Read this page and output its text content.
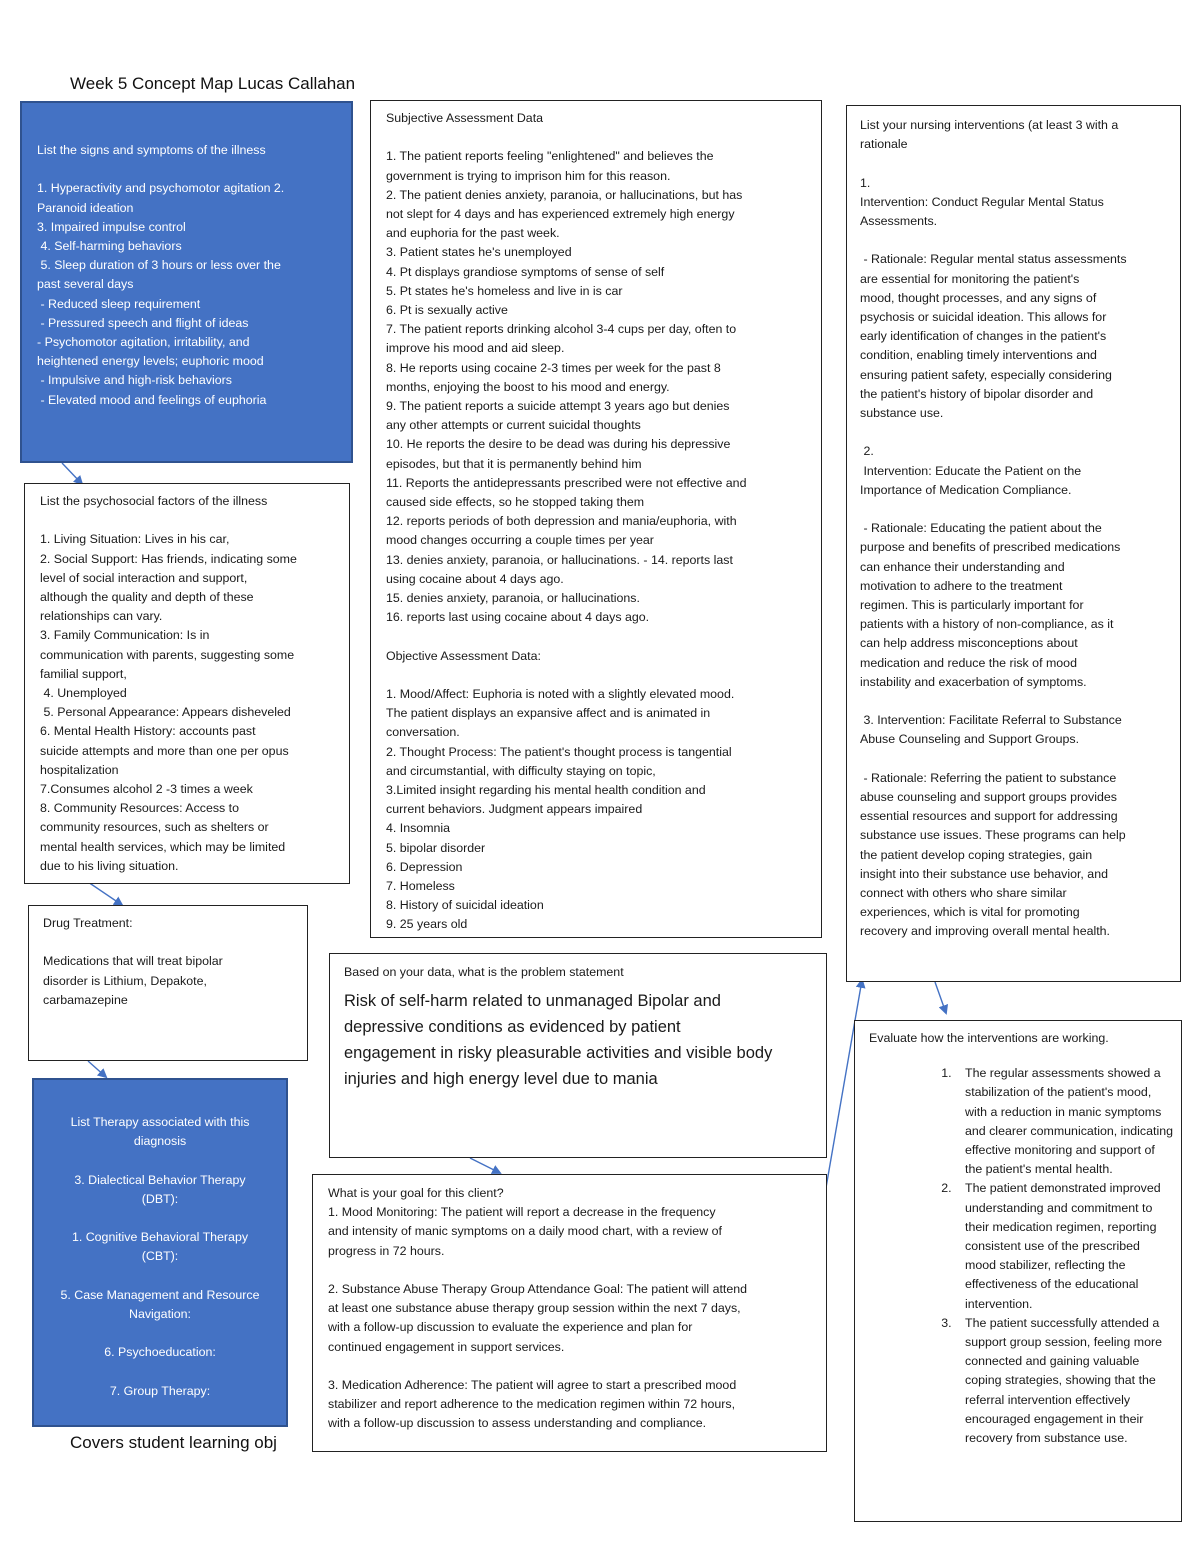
Week 5 Concept Map Lucas Callahan
List the signs and symptoms of the illness
1. Hyperactivity and psychomotor agitation 2.
Paranoid ideation
3. Impaired impulse control
4. Self-harming behaviors
5. Sleep duration of 3 hours or less over the
past several days
- Reduced sleep requirement
- Pressured speech and flight of ideas
- Psychomotor agitation, irritability, and
heightened energy levels; euphoric mood
- Impulsive and high-risk behaviors
- Elevated mood and feelings of euphoria
List the psychosocial factors of the illness
1. Living Situation: Lives in his car,
2. Social Support: Has friends, indicating some
level of social interaction and support,
although the quality and depth of these
relationships can vary.
3. Family Communication: Is in
communication with parents, suggesting some
familial support,
4. Unemployed
5. Personal Appearance: Appears disheveled
6. Mental Health History: accounts past
suicide attempts and more than one per opus
hospitalization
7.Consumes alcohol 2 -3 times a week
8. Community Resources: Access to
community resources, such as shelters or
mental health services, which may be limited
due to his living situation.
Drug Treatment:
Medications that will treat bipolar
disorder is Lithium, Depakote,
carbamazepine
List Therapy associated with this
diagnosis
3. Dialectical Behavior Therapy
(DBT):
1. Cognitive Behavioral Therapy
(CBT):
5. Case Management and Resource
Navigation:
6. Psychoeducation:
7. Group Therapy:
Covers student learning obj
Subjective Assessment Data
1. The patient reports feeling "enlightened" and believes the
government is trying to imprison him for this reason.
2. The patient denies anxiety, paranoia, or hallucinations, but has
not slept for 4 days and has experienced extremely high energy
and euphoria for the past week.
3. Patient states he's unemployed
4. Pt displays grandiose symptoms of sense of self
5. Pt states he's homeless and live in is car
6. Pt is sexually active
7. The patient reports drinking alcohol 3-4 cups per day, often to
improve his mood and aid sleep.
8. He reports using cocaine 2-3 times per week for the past 8
months, enjoying the boost to his mood and energy.
9. The patient reports a suicide attempt 3 years ago but denies
any other attempts or current suicidal thoughts
10. He reports the desire to be dead was during his depressive
episodes, but that it is permanently behind him
11. Reports the antidepressants prescribed were not effective and
caused side effects, so he stopped taking them
12. reports periods of both depression and mania/euphoria, with
mood changes occurring a couple times per year
13. denies anxiety, paranoia, or hallucinations. - 14. reports last
using cocaine about 4 days ago.
15. denies anxiety, paranoia, or hallucinations.
16. reports last using cocaine about 4 days ago.
Objective Assessment Data:
1. Mood/Affect: Euphoria is noted with a slightly elevated mood.
The patient displays an expansive affect and is animated in
conversation.
2. Thought Process: The patient's thought process is tangential
and circumstantial, with difficulty staying on topic,
3.Limited insight regarding his mental health condition and
current behaviors. Judgment appears impaired
4. Insomnia
5. bipolar disorder
6. Depression
7. Homeless
8. History of suicidal ideation
9. 25 years old
Based on your data, what is the problem statement
Risk of self-harm related to unmanaged Bipolar and
depressive conditions as evidenced by patient
engagement in risky pleasurable activities and visible body
injuries and high energy level due to mania
What is your goal for this client?
1. Mood Monitoring: The patient will report a decrease in the frequency
and intensity of manic symptoms on a daily mood chart, with a review of
progress in 72 hours.
2. Substance Abuse Therapy Group Attendance Goal: The patient will attend
at least one substance abuse therapy group session within the next 7 days,
with a follow-up discussion to evaluate the experience and plan for
continued engagement in support services.
3. Medication Adherence: The patient will agree to start a prescribed mood
stabilizer and report adherence to the medication regimen within 72 hours,
with a follow-up discussion to assess understanding and compliance.
List your nursing interventions (at least 3 with a
rationale
1.
Intervention: Conduct Regular Mental Status
Assessments.
- Rationale: Regular mental status assessments
are essential for monitoring the patient's
mood, thought processes, and any signs of
psychosis or suicidal ideation. This allows for
early identification of changes in the patient's
condition, enabling timely interventions and
ensuring patient safety, especially considering
the patient's history of bipolar disorder and
substance use.
2.
Intervention: Educate the Patient on the
Importance of Medication Compliance.
- Rationale: Educating the patient about the
purpose and benefits of prescribed medications
can enhance their understanding and
motivation to adhere to the treatment
regimen. This is particularly important for
patients with a history of non-compliance, as it
can help address misconceptions about
medication and reduce the risk of mood
instability and exacerbation of symptoms.
3. Intervention: Facilitate Referral to Substance
Abuse Counseling and Support Groups.
- Rationale: Referring the patient to substance
abuse counseling and support groups provides
essential resources and support for addressing
substance use issues. These programs can help
the patient develop coping strategies, gain
insight into their substance use behavior, and
connect with others who share similar
experiences, which is vital for promoting
recovery and improving overall mental health.
Evaluate how the interventions are working.
1. The regular assessments showed a stabilization of the patient's mood, with a reduction in manic symptoms and clearer communication, indicating effective monitoring and support of the patient's mental health.
2. The patient demonstrated improved understanding and commitment to their medication regimen, reporting consistent use of the prescribed mood stabilizer, reflecting the effectiveness of the educational intervention.
3. The patient successfully attended a support group session, feeling more connected and gaining valuable coping strategies, showing that the referral intervention effectively encouraged engagement in their recovery from substance use.
